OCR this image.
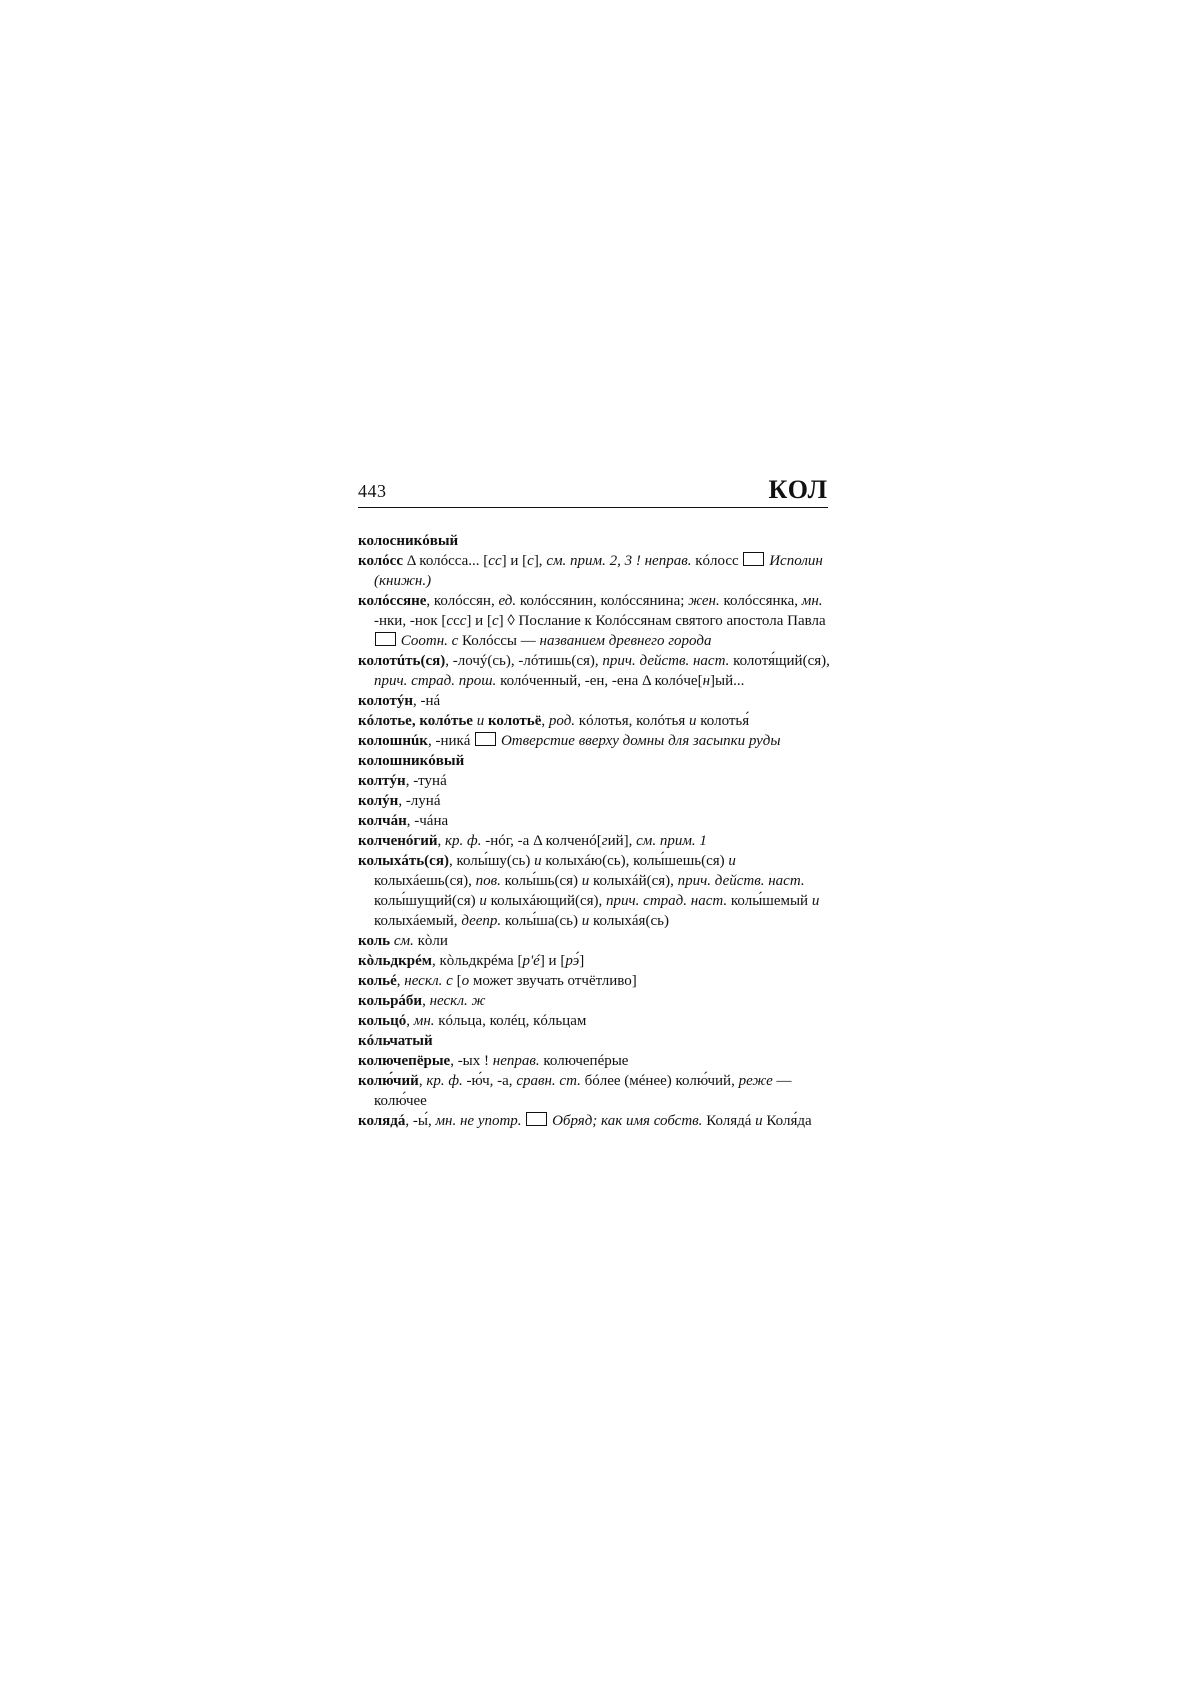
443	КОЛ

колосникóвый

колóсс Δ колóсса... [сс] и [с], см. прим. 2, 3 ! неправ. кóлосс  Исполин (книжн.)

колóссяне, колóссян, ед. колóссянин, колóссянина; жен. колóссянка, мн. -нки, -нок [ссс] и [с] ◊ Послание к Колóссянам святого апостола Павла  Соотн. с Колóссы — названием древнего города

колотúть(ся), -лочý(сь), -лóтишь(ся), прич. действ. наст. колотя́щий(ся), прич. страд. прош. колóченный, -ен, -ена Δ колóче[н]ый...

колотýн, -нá

кóлотье, колóтье и колотьё, род. кóлотья, колóтья и колотья́

колошнúк, -никá  Отверстие вверху домны для засыпки руды

колошникóвый

колтýн, -тунá

колýн, -лунá

колчáн, -чáна

колченóгий, кр. ф. -нóг, -а Δ колченó[гий], см. прим. 1

колыхáть(ся), колы́шу(сь) и колыхáю(сь), колы́шешь(ся) и колыхáешь(ся), пов. колы́шь(ся) и колыхáй(ся), прич. действ. наст. колы́шущий(ся) и колыхáющий(ся), прич. страд. наст. колы́шемый и колыхáемый, деепр. колы́ша(сь) и колыхáя(сь)

коль см. кòли

кòльдкрéм, кòльдкрéма [р'é] и [рэ́]

кольé, нескл. с [о может звучать отчётливо]

кольрáби, нескл. ж

кольцó, мн. кóльца, колéц, кóльцам

кóльчатый

колючепёрые, -ых ! неправ. колючепéрые

колю́чий, кр. ф. -ю́ч, -а, сравн. ст. бóлее (мéнее) колю́чий, реже — колю́чее

колядá, -ы́, мн. не употр. Обряд; как имя собств. Колядá и Коля́да
